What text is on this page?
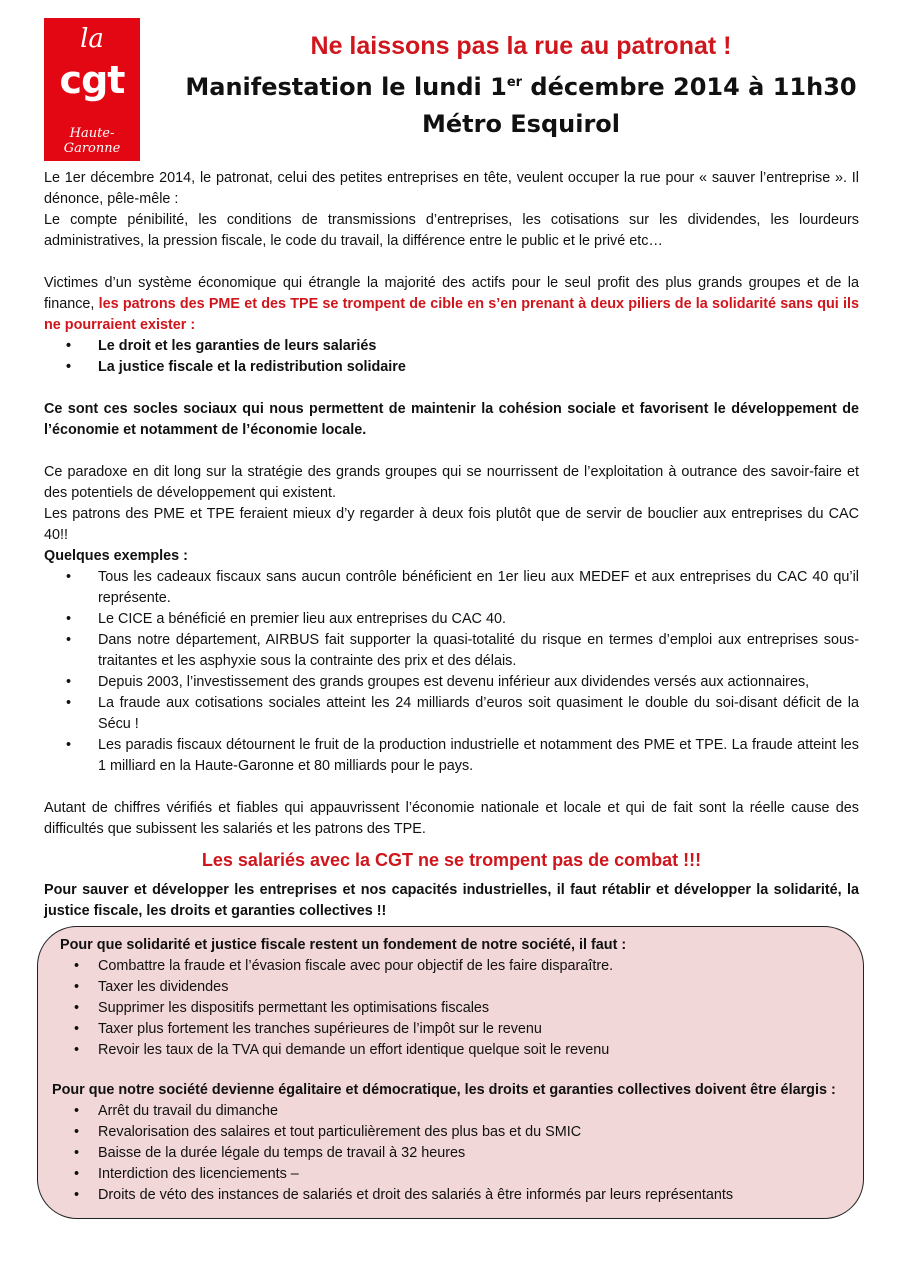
la
cgt
Haute-Garonne
Ne laissons pas la rue au patronat !
Manifestation le lundi 1er décembre 2014 à 11h30
Métro Esquirol

Le 1er décembre 2014, le patronat, celui des petites entreprises en tête, veulent occuper la rue pour « sauver l’entreprise ». Il dénonce, pêle-mêle :

Le compte pénibilité, les conditions de transmissions d’entreprises, les cotisations sur les dividendes, les lourdeurs administratives, la pression fiscale, le code du travail, la différence entre le public et le privé etc…

Victimes d’un système économique qui étrangle la majorité des actifs pour le seul profit des plus grands groupes et de la finance, les patrons des PME et des TPE se trompent de cible en s’en prenant à deux piliers de la solidarité sans qui ils ne pourraient exister :

• Le droit et les garanties de leurs salariés
• La justice fiscale et la redistribution solidaire

Ce sont ces socles sociaux qui nous permettent de maintenir la cohésion sociale et favorisent le développement de l’économie et notamment de l’économie locale.

Ce paradoxe en dit long sur la stratégie des grands groupes qui se nourrissent de l’exploitation à outrance des savoir-faire et des potentiels de développement qui existent.

Les patrons des PME et TPE feraient mieux d’y regarder à deux fois plutôt que de servir de bouclier aux entreprises du CAC 40!!

Quelques exemples :

• Tous les cadeaux fiscaux sans aucun contrôle bénéficient en 1er lieu aux MEDEF et aux entreprises du CAC 40 qu’il représente.
• Le CICE a bénéficié en premier lieu aux entreprises du CAC 40.
• Dans notre département, AIRBUS fait supporter la quasi-totalité du risque en termes d’emploi aux entreprises sous-traitantes et les asphyxie sous la contrainte des prix et des délais.
• Depuis 2003, l’investissement des grands groupes est devenu inférieur aux dividendes versés aux actionnaires,
• La fraude aux cotisations sociales atteint les 24 milliards d’euros soit quasiment le double du soi-disant déficit de la Sécu !
• Les paradis fiscaux détournent le fruit de la production industrielle et notamment des PME et TPE. La fraude atteint les 1 milliard en la Haute-Garonne et 80 milliards pour le pays.

Autant de chiffres vérifiés et fiables qui appauvrissent l’économie nationale et locale et qui de fait sont la réelle cause des difficultés que subissent les salariés et les patrons des TPE.

Les salariés avec la CGT ne se trompent pas de combat !!!

Pour sauver et développer les entreprises et nos capacités industrielles, il faut rétablir et développer la solidarité, la justice fiscale, les droits et garanties collectives !!

Pour que solidarité et justice fiscale restent un fondement de notre société, il faut :

• Combattre la fraude et l’évasion fiscale avec pour objectif de les faire disparaître.
• Taxer les dividendes
• Supprimer les dispositifs permettant les optimisations fiscales
• Taxer plus fortement les tranches supérieures de l’impôt sur le revenu
• Revoir les taux de la TVA qui demande un effort identique quelque soit le revenu

Pour que notre société devienne égalitaire et démocratique, les droits et garanties collectives doivent être élargis :

• Arrêt du travail du dimanche
• Revalorisation des salaires et tout particulièrement des plus bas et du SMIC
• Baisse de la durée légale du temps de travail à 32 heures
• Interdiction des licenciements –
• Droits de véto des instances de salariés et droit des salariés à être informés par leurs représentants
